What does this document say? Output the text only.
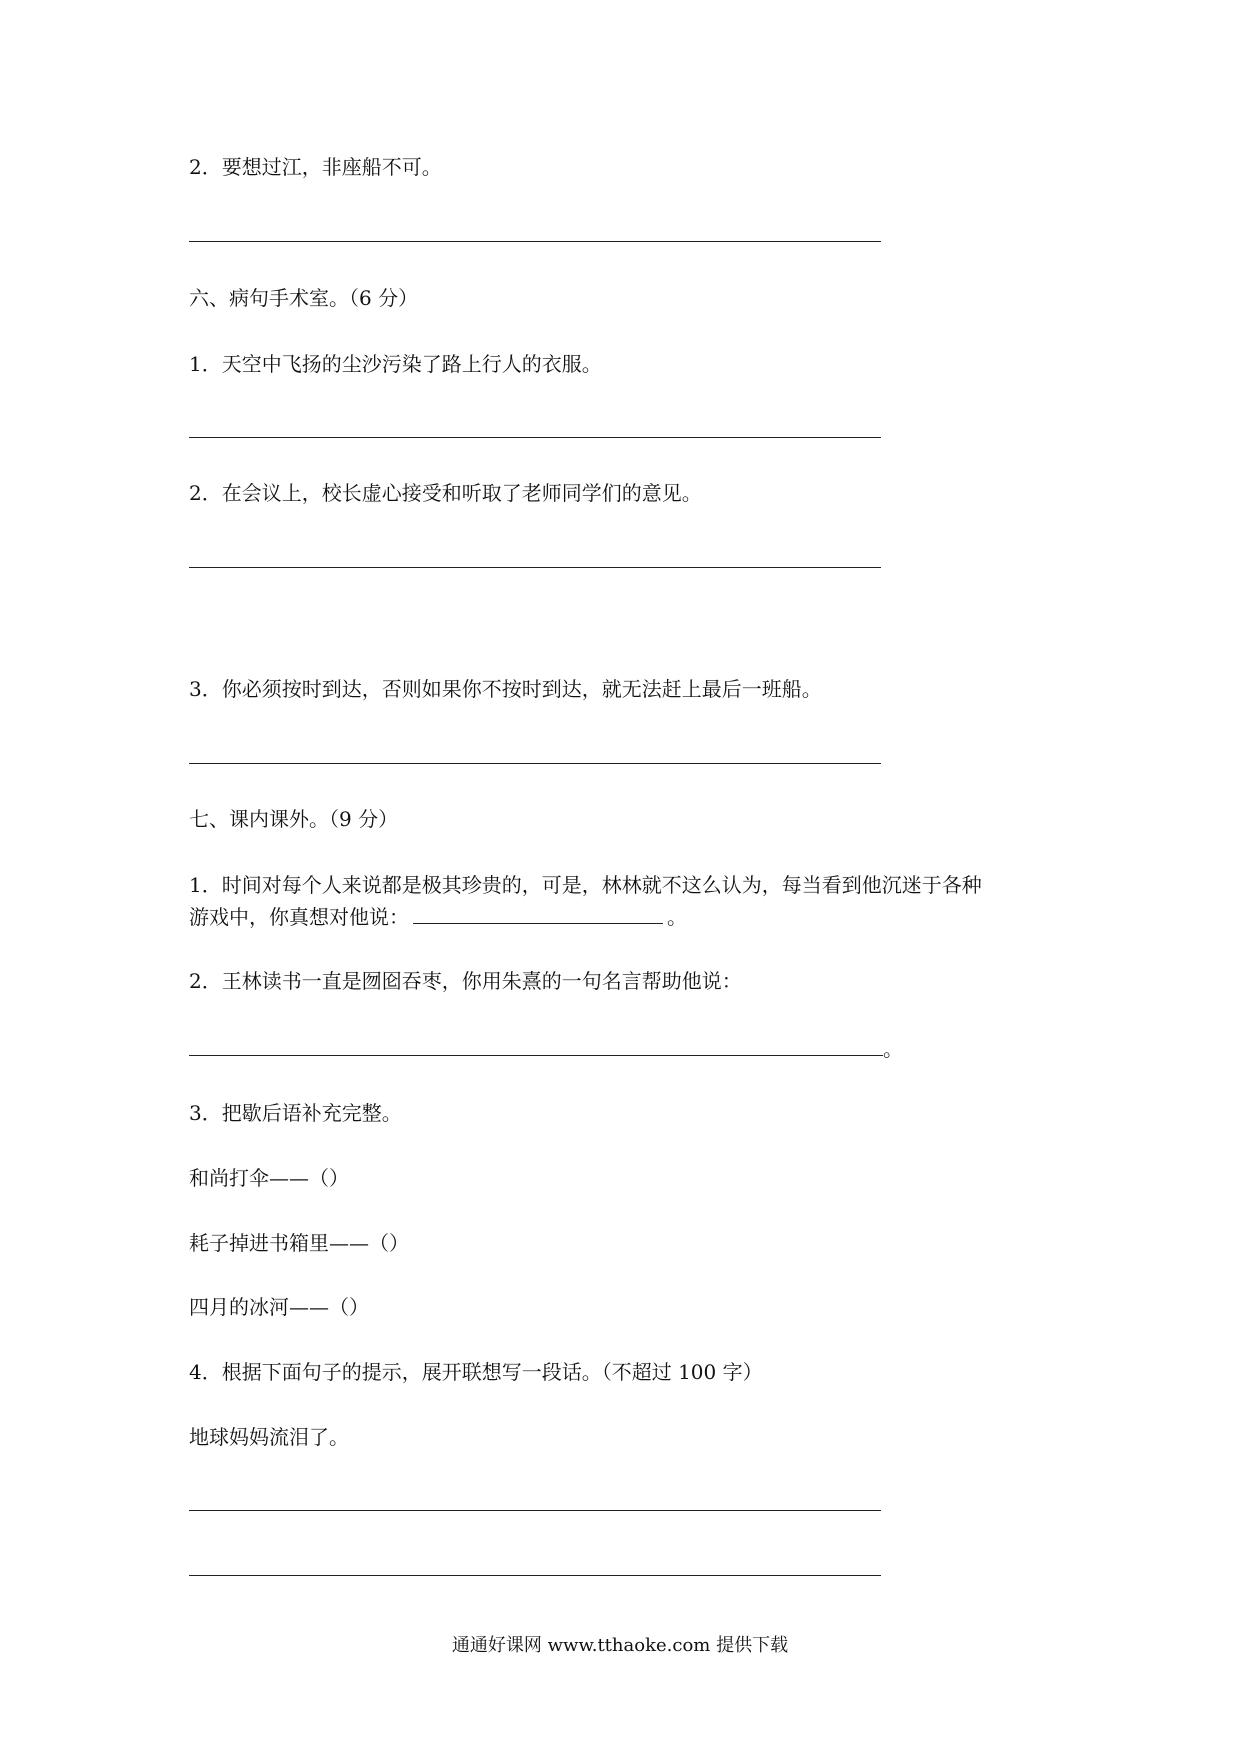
2．要想过江，非座船不可。
六、病句手术室。（6 分）
1．天空中飞扬的尘沙污染了路上行人的衣服。
2．在会议上，校长虚心接受和听取了老师同学们的意见。
3．你必须按时到达，否则如果你不按时到达，就无法赶上最后一班船。
七、课内课外。（9 分）
1．时间对每个人来说都是极其珍贵的，可是，林林就不这么认为，每当看到他沉迷于各种
游戏中，你真想对他说：	。
2．王林读书一直是囫囵吞枣，你用朱熹的一句名言帮助他说：
。
3．把歇后语补充完整。
和尚打伞——（）
耗子掉进书箱里——（）
四月的冰河——（）
4．根据下面句子的提示，展开联想写一段话。（不超过 100 字）
地球妈妈流泪了。
通通好课网 www.tthaoke.com 提供下载
